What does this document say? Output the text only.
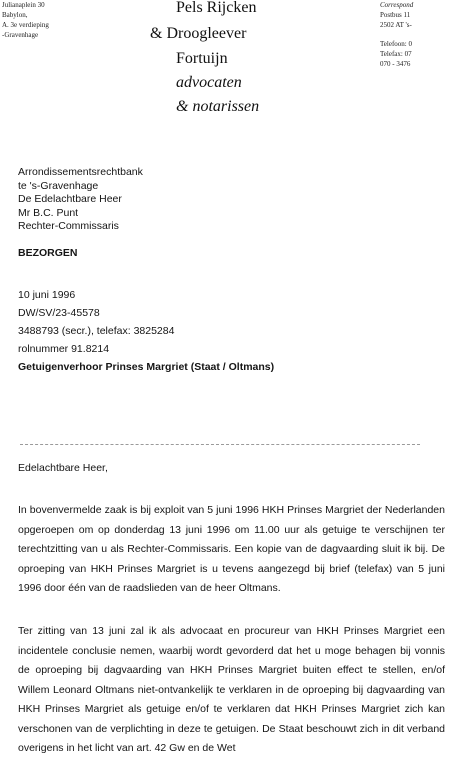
Julianaplein 30
Babylon,
A. 3e verdieping
-Gravenhage
Pels Rijcken
& Droogleever
Fortuijn
advocaten
& notarissen
Correspond
Postbus 11
2502 AT 's-
Telefoon: 0
Telefax: 07
070 - 3476
Arrondissementsrechtbank
te 's-Gravenhage
De Edelachtbare Heer
Mr B.C. Punt
Rechter-Commissaris
BEZORGEN
10 juni 1996
DW/SV/23-45578
3488793 (secr.), telefax: 3825284
rolnummer 91.8214
Getuigenverhoor Prinses Margriet (Staat / Oltmans)
Edelachtbare Heer,
In bovenvermelde zaak is bij exploit van 5 juni 1996 HKH Prinses Margriet der Nederlanden opgeroepen om op donderdag 13 juni 1996 om 11.00 uur als getuige te verschijnen ter terechtzitting van u als Rechter-Commissaris. Een kopie van de dagvaarding sluit ik bij. De oproeping van HKH Prinses Margriet is u tevens aangezegd bij brief (telefax) van 5 juni 1996 door één van de raadslieden van de heer Oltmans.
Ter zitting van 13 juni zal ik als advocaat en procureur van HKH Prinses Margriet een incidentele conclusie nemen, waarbij wordt gevorderd dat het u moge behagen bij vonnis de oproeping bij dagvaarding van HKH Prinses Margriet buiten effect te stellen, en/of Willem Leonard Oltmans niet-ontvankelijk te verklaren in de oproeping bij dagvaarding van HKH Prinses Margriet als getuige en/of te verklaren dat HKH Prinses Margriet zich kan verschonen van de verplichting in deze te getuigen. De Staat beschouwt zich in dit verband overigens in het licht van art. 42 Gw en de Wet
